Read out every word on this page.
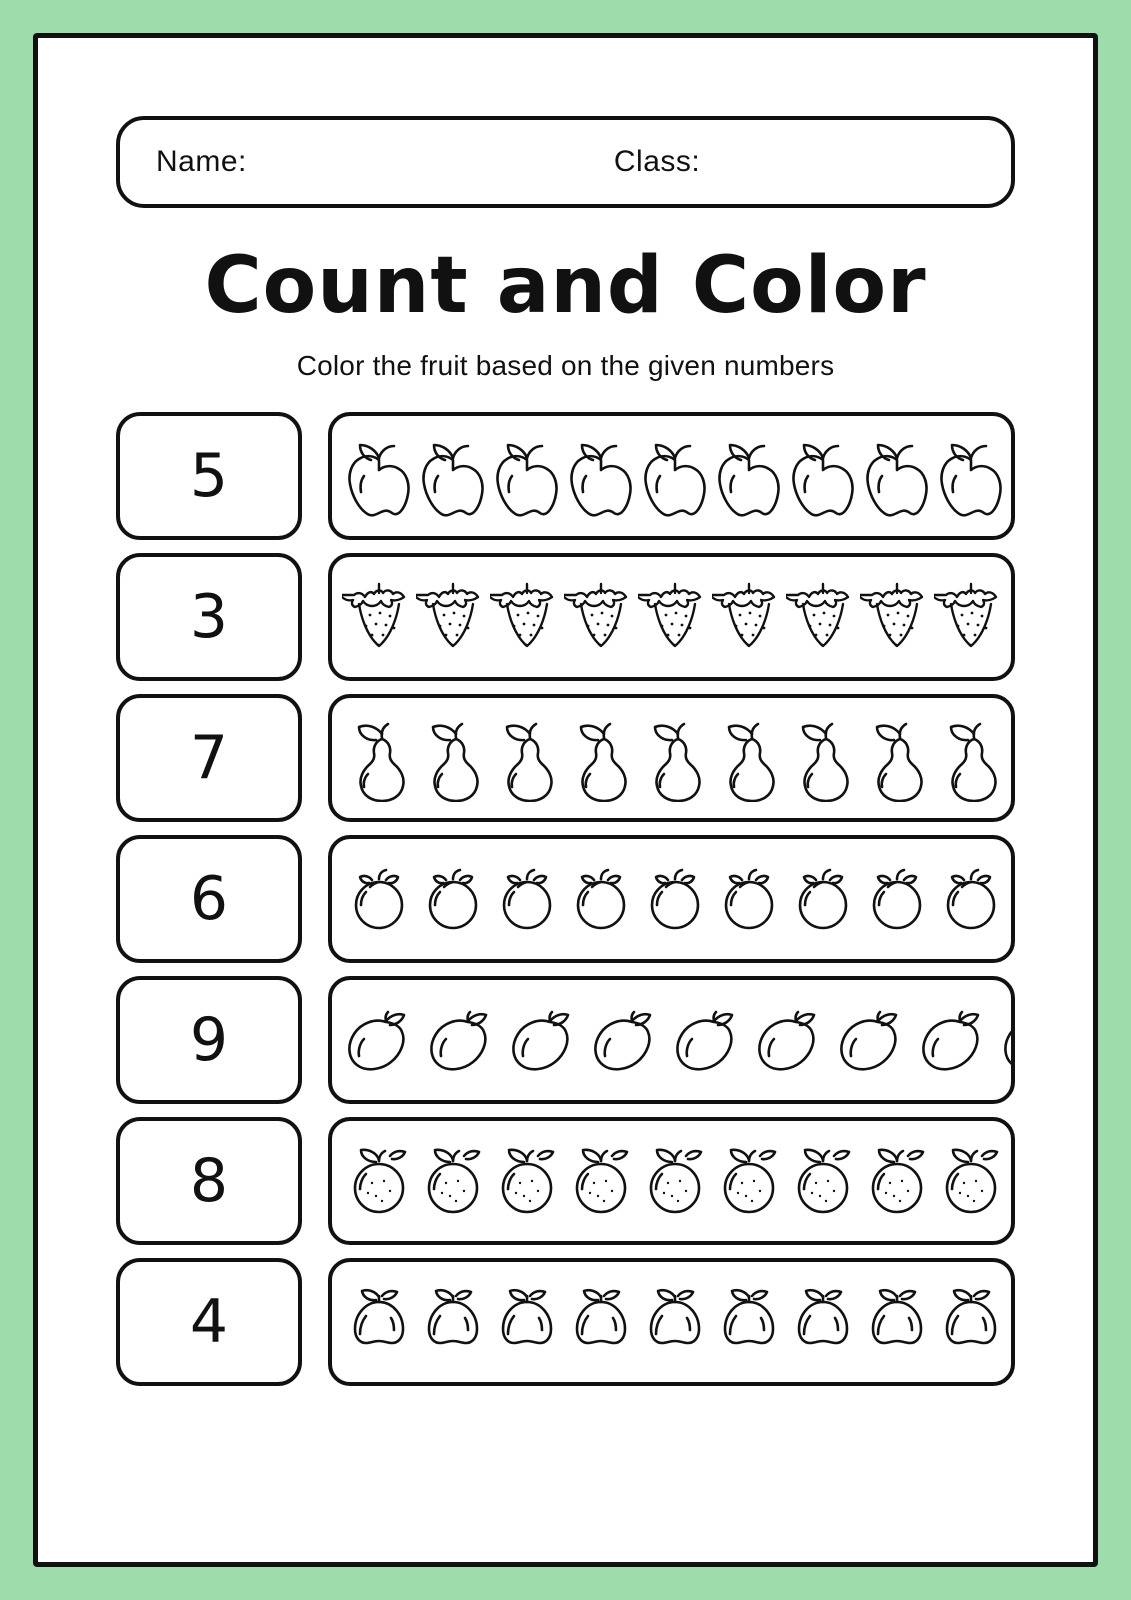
Name:	Class:
Count and Color
Color the fruit based on the given numbers
5
3
7
6
9
8
4
